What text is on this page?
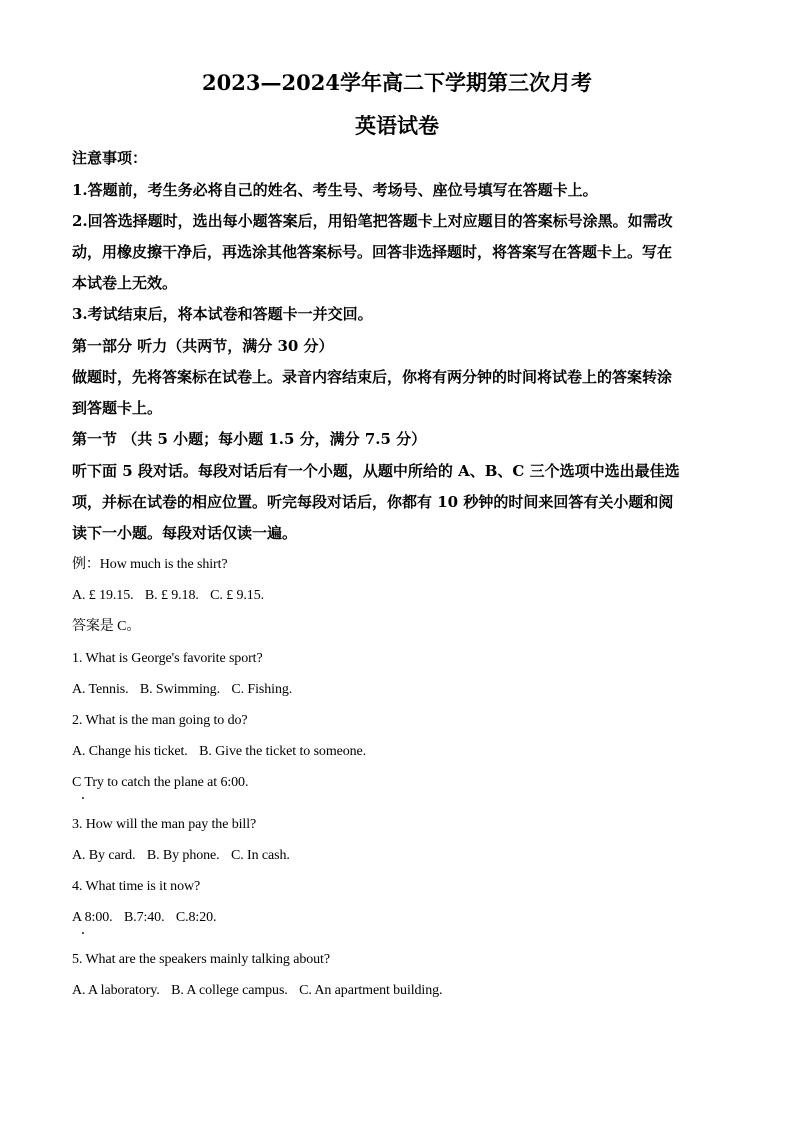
2023—2024学年高二下学期第三次月考
英语试卷

注意事项：

1.答题前，考生务必将自己的姓名、考生号、考场号、座位号填写在答题卡上。

2.回答选择题时，选出每小题答案后，用铅笔把答题卡上对应题目的答案标号涂黑。如需改

动，用橡皮擦干净后，再选涂其他答案标号。回答非选择题时，将答案写在答题卡上。写在

本试卷上无效。

3.考试结束后，将本试卷和答题卡一并交回。

第一部分 听力（共两节，满分 30 分）

做题时，先将答案标在试卷上。录音内容结束后，你将有两分钟的时间将试卷上的答案转涂

到答题卡上。

第一节 （共 5 小题；每小题 1.5 分，满分 7.5 分）

听下面 5 段对话。每段对话后有一个小题，从题中所给的 A、B、C 三个选项中选出最佳选

项，并标在试卷的相应位置。听完每段对话后，你都有 10 秒钟的时间来回答有关小题和阅

读下一小题。每段对话仅读一遍。

例：How much is the shirt?

A. £ 19.15. B. £ 9.18. C. £ 9.15.

答案是 C。

1. What is George's favorite sport?

A. Tennis. B. Swimming. C. Fishing.

2. What is the man going to do?

A. Change his ticket. B. Give the ticket to someone.

C Try to catch the plane at 6:00.

3. How will the man pay the bill?

A. By card. B. By phone. C. In cash.

4. What time is it now?

A 8:00. B.7:40. C.8:20.

5. What are the speakers mainly talking about?

A. A laboratory. B. A college campus. C. An apartment building.
